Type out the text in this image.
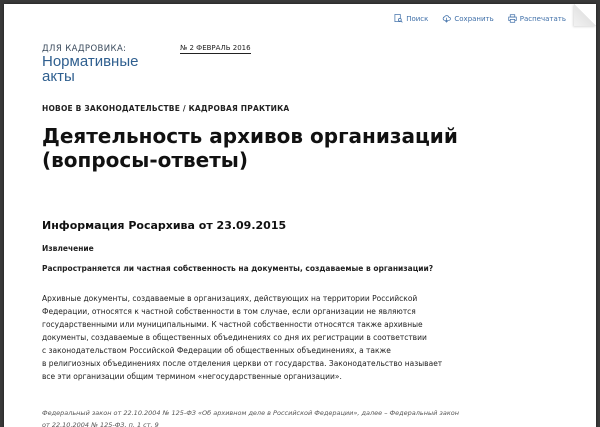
Поиск	Сохранить	Распечатать
ДЛЯ КАДРОВИКА:
Нормативные
акты
№ 2 ФЕВРАЛЬ 2016
НОВОЕ В ЗАКОНОДАТЕЛЬСТВЕ / КАДРОВАЯ ПРАКТИКА
Деятельность архивов организаций
(вопросы-ответы)
Информация Росархива от 23.09.2015
Извлечение
Распространяется ли частная собственность на документы, создаваемые в организации?
Архивные документы, создаваемые в организациях, действующих на территории Российской
Федерации, относятся к частной собственности в том случае, если организации не являются
государственными или муниципальными. К частной собственности относятся также архивные
документы, создаваемые в общественных объединениях со дня их регистрации в соответствии
с законодательством Российской Федерации об общественных объединениях, а также
в религиозных объединениях после отделения церкви от государства. Законодательство называет
все эти организации общим термином «негосударственные организации».
Федеральный закон от 22.10.2004 № 125-ФЗ «Об архивном деле в Российской Федерации», далее – Федеральный закон
от 22.10.2004 № 125-ФЗ, п. 1 ст. 9
